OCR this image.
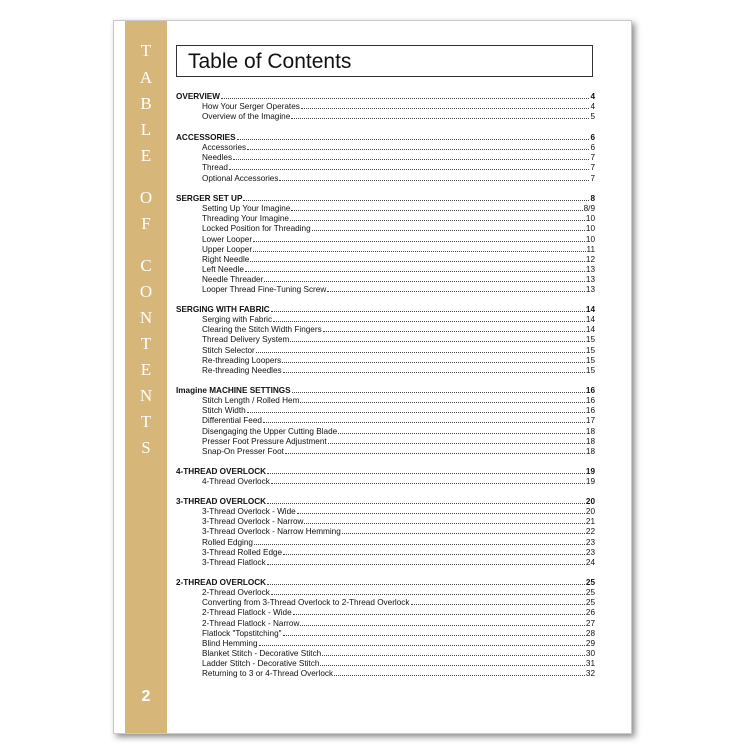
T
A
B
L
E
O
F
C
O
N
T
E
N
T
S
2
Table of Contents
OVERVIEW	4
How Your Serger Operates	4
Overview of the Imagine	5
ACCESSORIES	6
Accessories	6
Needles	7
Thread	7
Optional Accessories	7
SERGER SET UP	8
Setting Up Your Imagine	8/9
Threading Your Imagine	10
Locked Position for Threading	10
Lower Looper	10
Upper Looper	11
Right Needle	12
Left Needle	13
Needle Threader	13
Looper Thread Fine-Tuning Screw	13
SERGING WITH FABRIC	14
Serging with Fabric	14
Clearing the Stitch Width Fingers	14
Thread Delivery System	15
Stitch Selector	15
Re-threading Loopers	15
Re-threading Needles	15
Imagine MACHINE SETTINGS	16
Stitch Length / Rolled Hem	16
Stitch Width	16
Differential Feed	17
Disengaging the Upper Cutting Blade	18
Presser Foot Pressure Adjustment	18
Snap-On Presser Foot	18
4-THREAD OVERLOCK	19
4-Thread Overlock	19
3-THREAD OVERLOCK	20
3-Thread Overlock - Wide	20
3-Thread Overlock - Narrow	21
3-Thread Overlock - Narrow Hemming	22
Rolled Edging	23
3-Thread Rolled Edge	23
3-Thread Flatlock	24
2-THREAD OVERLOCK	25
2-Thread Overlock	25
Converting from 3-Thread Overlock to 2-Thread Overlock	25
2-Thread Flatlock - Wide	26
2-Thread Flatlock - Narrow	27
Flatlock "Topstitching"	28
Blind Hemming	29
Blanket Stitch - Decorative Stitch	30
Ladder Stitch - Decorative Stitch	31
Returning to 3 or 4-Thread Overlock	32
